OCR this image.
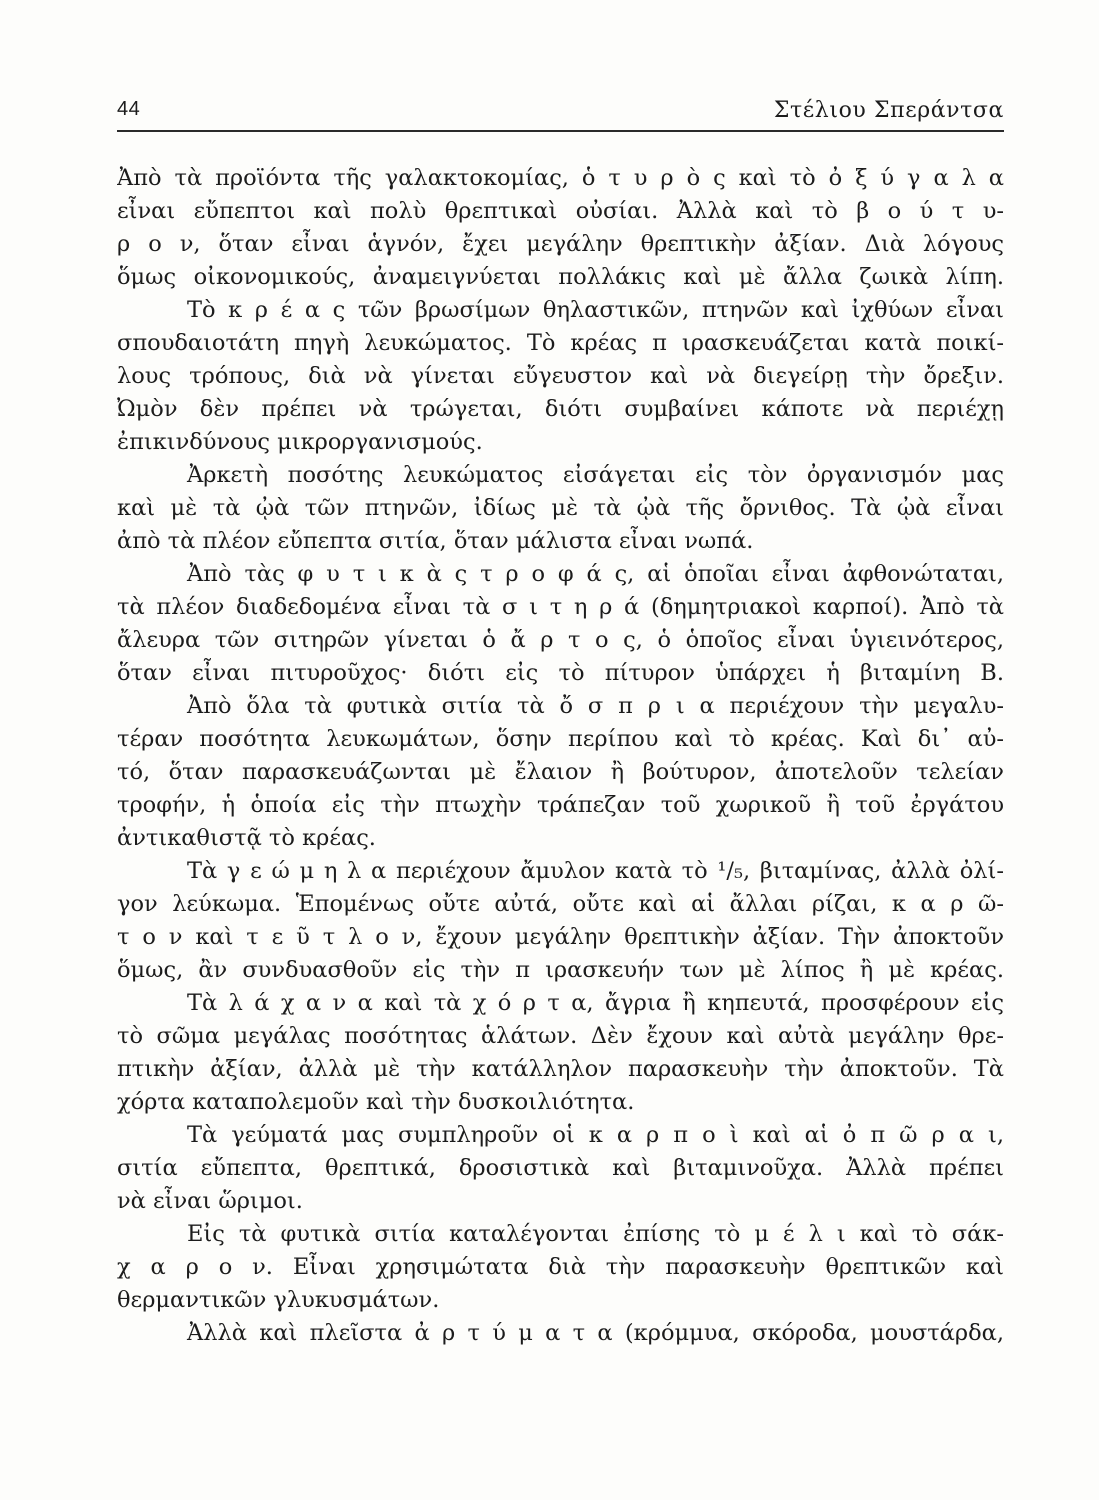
44	Στέλιου Σπεράντσα
Ἀπὸ τὰ προϊόντα τῆς γαλακτοκομίας, ὁ τ υ ρ ὸ ς καὶ τὸ ὀ ξ ύ γ α λ α
εἶναι εὔπεπτοι καὶ πολὺ θρεπτικαὶ οὐσίαι. Ἀλλὰ καὶ τὸ β ο ύ τ υ-
ρ ο ν, ὅταν εἶναι ἁγνόν, ἔχει μεγάλην θρεπτικὴν ἀξίαν. Διὰ λόγους
ὅμως οἰκονομικούς, ἀναμειγνύεται πολλάκις καὶ μὲ ἄλλα ζωικὰ λίπη.
Τὸ κ ρ έ α ς τῶν βρωσίμων θηλαστικῶν, πτηνῶν καὶ ἰχθύων εἶναι
σπουδαιοτάτη πηγὴ λευκώματος. Τὸ κρέας π ιρασκευάζεται κατὰ ποικί-
λους τρόπους, διὰ νὰ γίνεται εὔγευστον καὶ νὰ διεγείρῃ τὴν ὄρεξιν.
Ὠμὸν δὲν πρέπει νὰ τρώγεται, διότι συμβαίνει κάποτε νὰ περιέχῃ
ἐπικινδύνους μικροργανισμούς.
Ἀρκετὴ ποσότης λευκώματος εἰσάγεται εἰς τὸν ὀργανισμόν μας
καὶ μὲ τὰ ᾠὰ τῶν πτηνῶν, ἰδίως μὲ τὰ ᾠὰ τῆς ὄρνιθος. Τὰ ᾠὰ εἶναι
ἀπὸ τὰ πλέον εὔπεπτα σιτία, ὅταν μάλιστα εἶναι νωπά.
Ἀπὸ τὰς φ υ τ ι κ ὰ ς τ ρ ο φ ά ς, αἱ ὁποῖαι εἶναι ἀφθονώταται,
τὰ πλέον διαδεδομένα εἶναι τὰ σ ι τ η ρ ά (δημητριακοὶ καρποί). Ἀπὸ τὰ
ἄλευρα τῶν σιτηρῶν γίνεται ὁ ἄ ρ τ ο ς, ὁ ὁποῖος εἶναι ὑγιεινότερος,
ὅταν εἶναι πιτυροῦχος· διότι εἰς τὸ πίτυρον ὑπάρχει ἡ βιταμίνη Β.
Ἀπὸ ὅλα τὰ φυτικὰ σιτία τὰ ὄ σ π ρ ι α περιέχουν τὴν μεγαλυ-
τέραν ποσότητα λευκωμάτων, ὅσην περίπου καὶ τὸ κρέας. Καὶ δι᾽ αὐ-
τό, ὅταν παρασκευάζωνται μὲ ἔλαιον ἢ βούτυρον, ἀποτελοῦν τελείαν
τροφήν, ἡ ὁποία εἰς τὴν πτωχὴν τράπεζαν τοῦ χωρικοῦ ἢ τοῦ ἐργάτου
ἀντικαθιστᾷ τὸ κρέας.
Τὰ γ ε ώ μ η λ α περιέχουν ἄμυλον κατὰ τὸ ¹/₅, βιταμίνας, ἀλλὰ ὀλί-
γον λεύκωμα. Ἑπομένως οὔτε αὐτά, οὔτε καὶ αἱ ἄλλαι ρίζαι, κ α ρ ῶ-
τ ο ν καὶ τ ε ῦ τ λ ο ν, ἔχουν μεγάλην θρεπτικὴν ἀξίαν. Τὴν ἀποκτοῦν
ὅμως, ἂν συνδυασθοῦν εἰς τὴν π ιρασκευήν των μὲ λίπος ἢ μὲ κρέας.
Τὰ λ ά χ α ν α καὶ τὰ χ ό ρ τ α, ἄγρια ἢ κηπευτά, προσφέρουν εἰς
τὸ σῶμα μεγάλας ποσότητας ἁλάτων. Δὲν ἔχουν καὶ αὐτὰ μεγάλην θρε-
πτικὴν ἀξίαν, ἀλλὰ μὲ τὴν κατάλληλον παρασκευὴν τὴν ἀποκτοῦν. Τὰ
χόρτα καταπολεμοῦν καὶ τὴν δυσκοιλιότητα.
Τὰ γεύματά μας συμπληροῦν οἱ κ α ρ π ο ὶ καὶ αἱ ὀ π ῶ ρ α ι,
σιτία εὔπεπτα, θρεπτικά, δροσιστικὰ καὶ βιταμινοῦχα. Ἀλλὰ πρέπει
νὰ εἶναι ὥριμοι.
Εἰς τὰ φυτικὰ σιτία καταλέγονται ἐπίσης τὸ μ έ λ ι καὶ τὸ σάκ-
χ α ρ ο ν. Εἶναι χρησιμώτατα διὰ τὴν παρασκευὴν θρεπτικῶν καὶ
θερμαντικῶν γλυκυσμάτων.
Ἀλλὰ καὶ πλεῖστα ἀ ρ τ ύ μ α τ α (κρόμμυα, σκόροδα, μουστάρδα,
